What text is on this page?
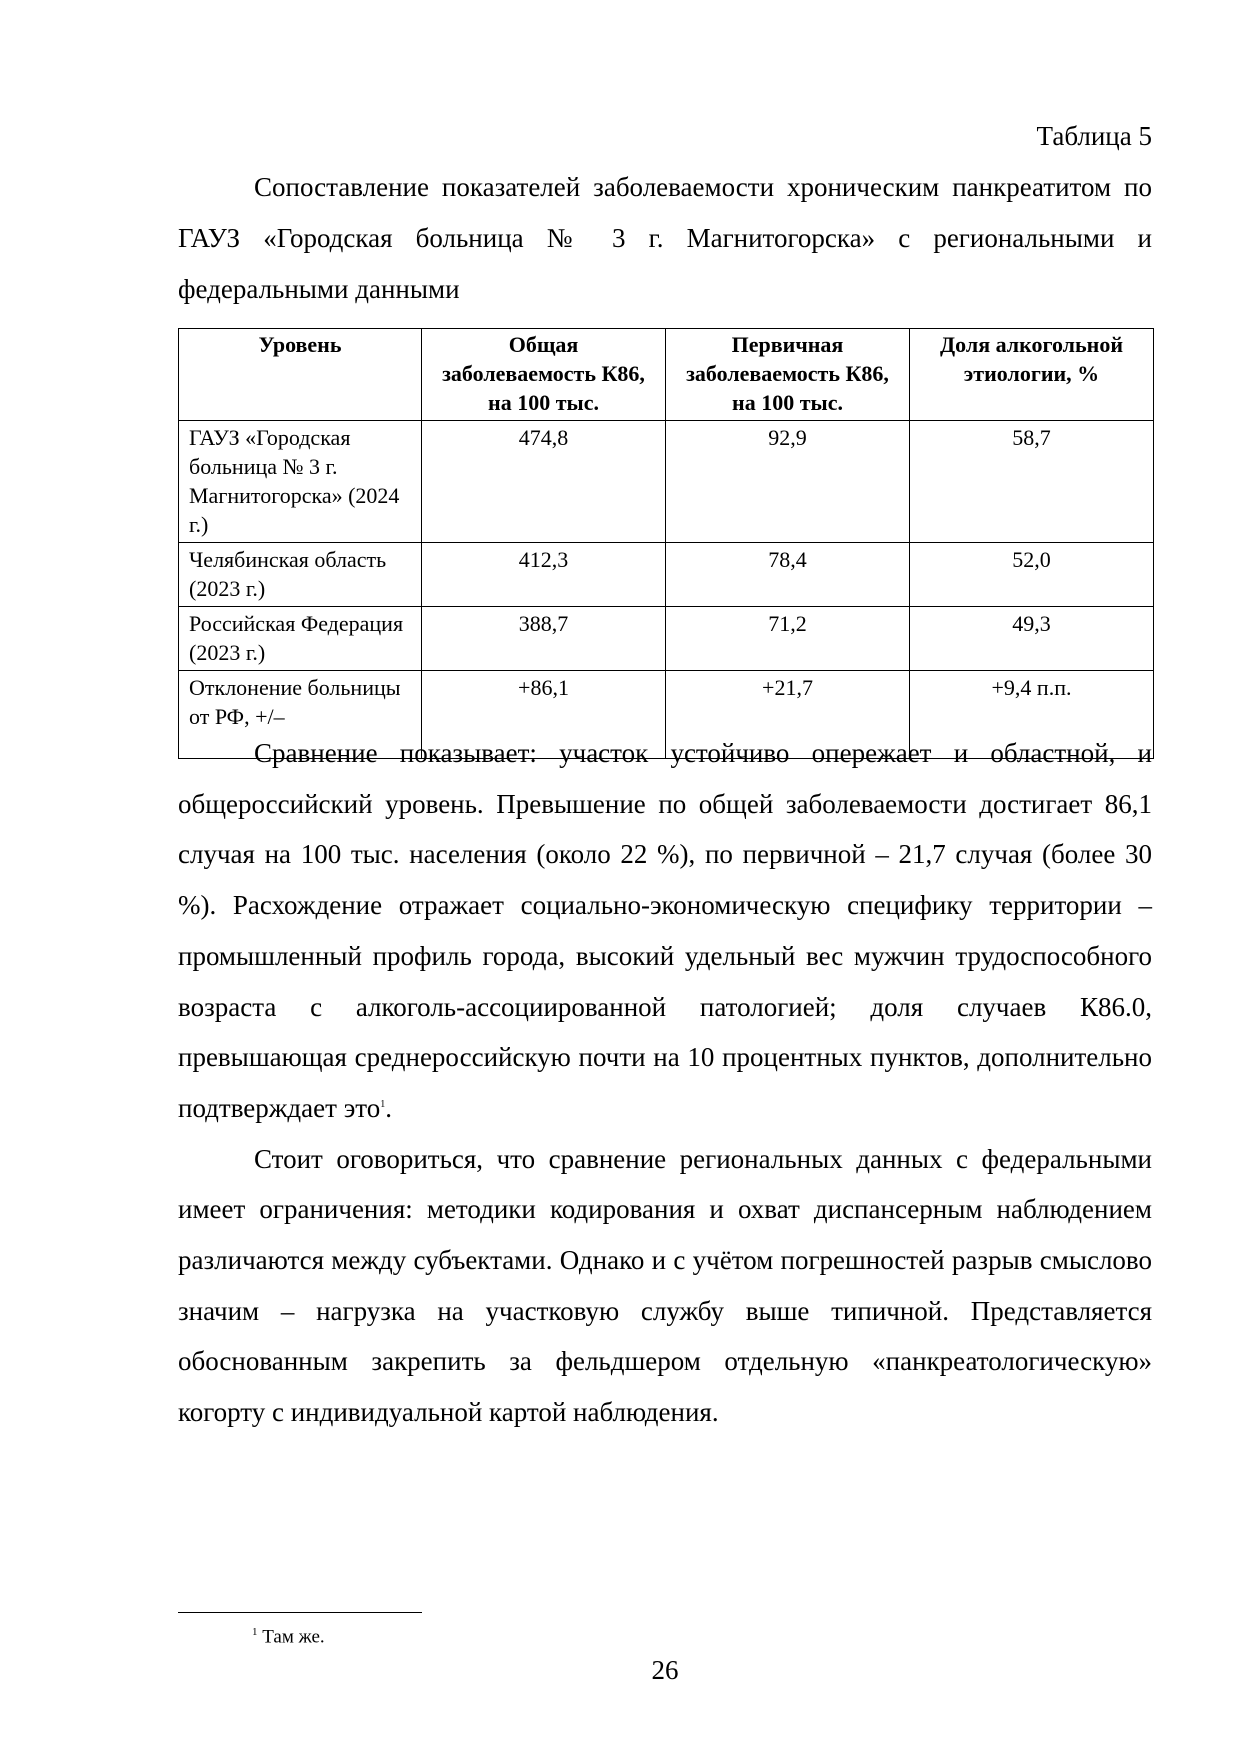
Таблица 5

Сопоставление показателей заболеваемости хроническим панкреатитом по ГАУЗ «Городская больница № 3 г. Магнитогорска» с региональными и федеральными данными

Уровень	Общая заболеваемость К86, на 100 тыс.	Первичная заболеваемость К86, на 100 тыс.	Доля алкогольной этиологии, %
ГАУЗ «Городская больница № 3 г. Магнитогорска» (2024 г.)	474,8	92,9	58,7
Челябинская область (2023 г.)	412,3	78,4	52,0
Российская Федерация (2023 г.)	388,7	71,2	49,3
Отклонение больницы от РФ, +/–	+86,1	+21,7	+9,4 п.п.

Сравнение показывает: участок устойчиво опережает и областной, и общероссийский уровень. Превышение по общей заболеваемости достигает 86,1 случая на 100 тыс. населения (около 22 %), по первичной – 21,7 случая (более 30 %). Расхождение отражает социально-экономическую специфику территории – промышленный профиль города, высокий удельный вес мужчин трудоспособного возраста с алкоголь-ассоциированной патологией; доля случаев К86.0, превышающая среднероссийскую почти на 10 процентных пунктов, дополнительно подтверждает это$^1$.

Стоит оговориться, что сравнение региональных данных с федеральными имеет ограничения: методики кодирования и охват диспансерным наблюдением различаются между субъектами. Однако и с учётом погрешностей разрыв смыслово значим – нагрузка на участковую службу выше типичной. Представляется обоснованным закрепить за фельдшером отдельную «панкреатологическую» когорту с индивидуальной картой наблюдения.

$^1$ Там же.
26
